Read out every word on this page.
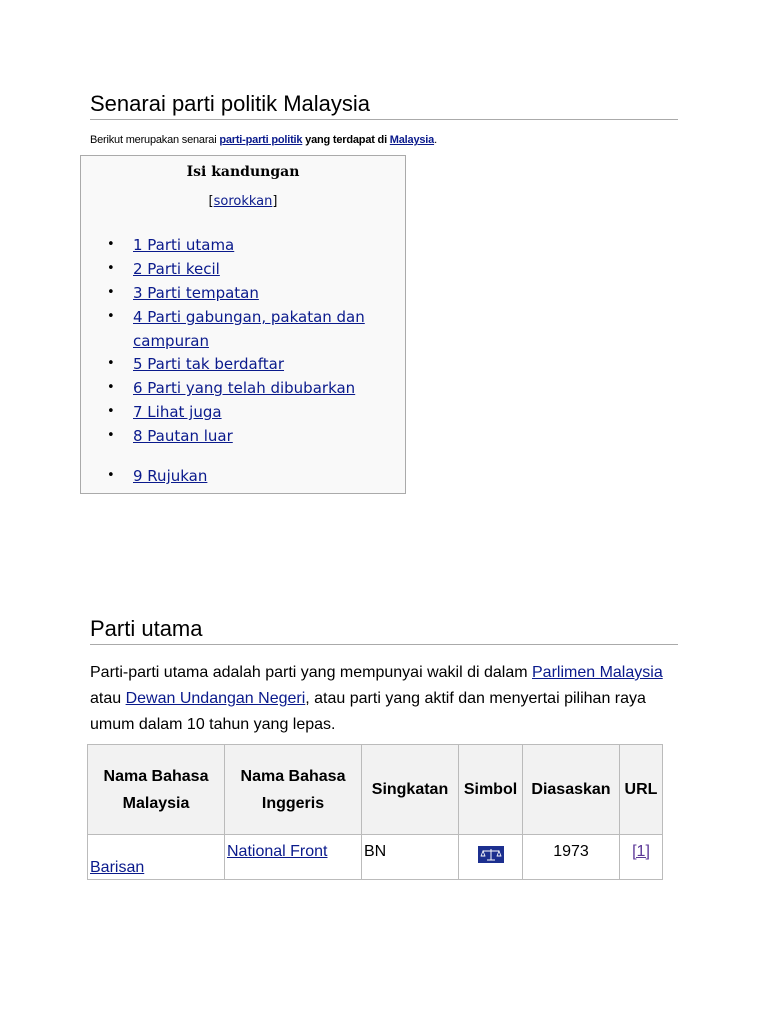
Senarai parti politik Malaysia
Berikut merupakan senarai parti-parti politik yang terdapat di Malaysia.
Isi kandungan
[sorokkan]
• 1 Parti utama
• 2 Parti kecil
• 3 Parti tempatan
• 4 Parti gabungan, pakatan dan campuran
• 5 Parti tak berdaftar
• 6 Parti yang telah dibubarkan
• 7 Lihat juga
• 8 Pautan luar
• 9 Rujukan
Parti utama
Parti-parti utama adalah parti yang mempunyai wakil di dalam Parlimen Malaysia atau Dewan Undangan Negeri, atau parti yang aktif dan menyertai pilihan raya umum dalam 10 tahun yang lepas.
Nama Bahasa Malaysia	Nama Bahasa Inggeris	Singkatan	Simbol	Diasaskan	URL

Barisan	National Front	BN		1973	[1]
